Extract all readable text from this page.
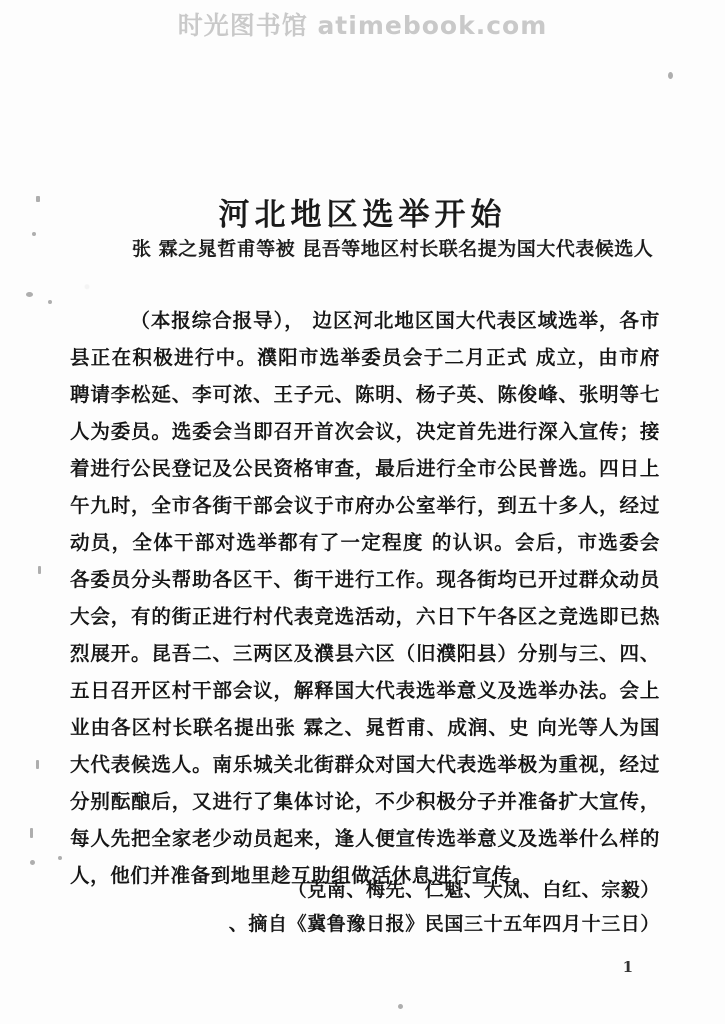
时光图书馆 atimebook.com
河北地区选举开始
张 霖之晁哲甫等被 昆吾等地区村长联名提为国大代表候选人
（本报综合报导）， 边区河北地区国大代表区域选举，各市县正在积极进行中。濮阳市选举委员会于二月正式 成立，由市府聘请李松延、李可浓、王子元、陈明、杨子英、陈俊峰、张明等七人为委员。选委会当即召开首次会议，决定首先进行深入宣传；接着进行公民登记及公民资格审查，最后进行全市公民普选。四日上午九时，全市各街干部会议于市府办公室举行，到五十多人，经过动员，全体干部对选举都有了一定程度 的认识。会后，市选委会各委员分头帮助各区干、街干进行工作。现各街均已开过群众动员大会，有的街正进行村代表竞选活动，六日下午各区之竞选即已热烈展开。昆吾二、三两区及濮县六区（旧濮阳县）分别与三、四、五日召开区村干部会议，解释国大代表选举意义及选举办法。会上业由各区村长联名提出张 霖之、晁哲甫、成润、史 向光等人为国大代表候选人。南乐城关北街群众对国大代表选举极为重视，经过分别酝酿后，又进行了集体讨论，不少积极分子并准备扩大宣传，每人先把全家老少动员起来，逢人便宣传选举意义及选举什么样的人，他们并准备到地里趁互助组做活休息进行宣传。
（克南、梅先、仁魁、大凤、白红、宗毅）
、摘自《冀鲁豫日报》民国三十五年四月十三日）
1
